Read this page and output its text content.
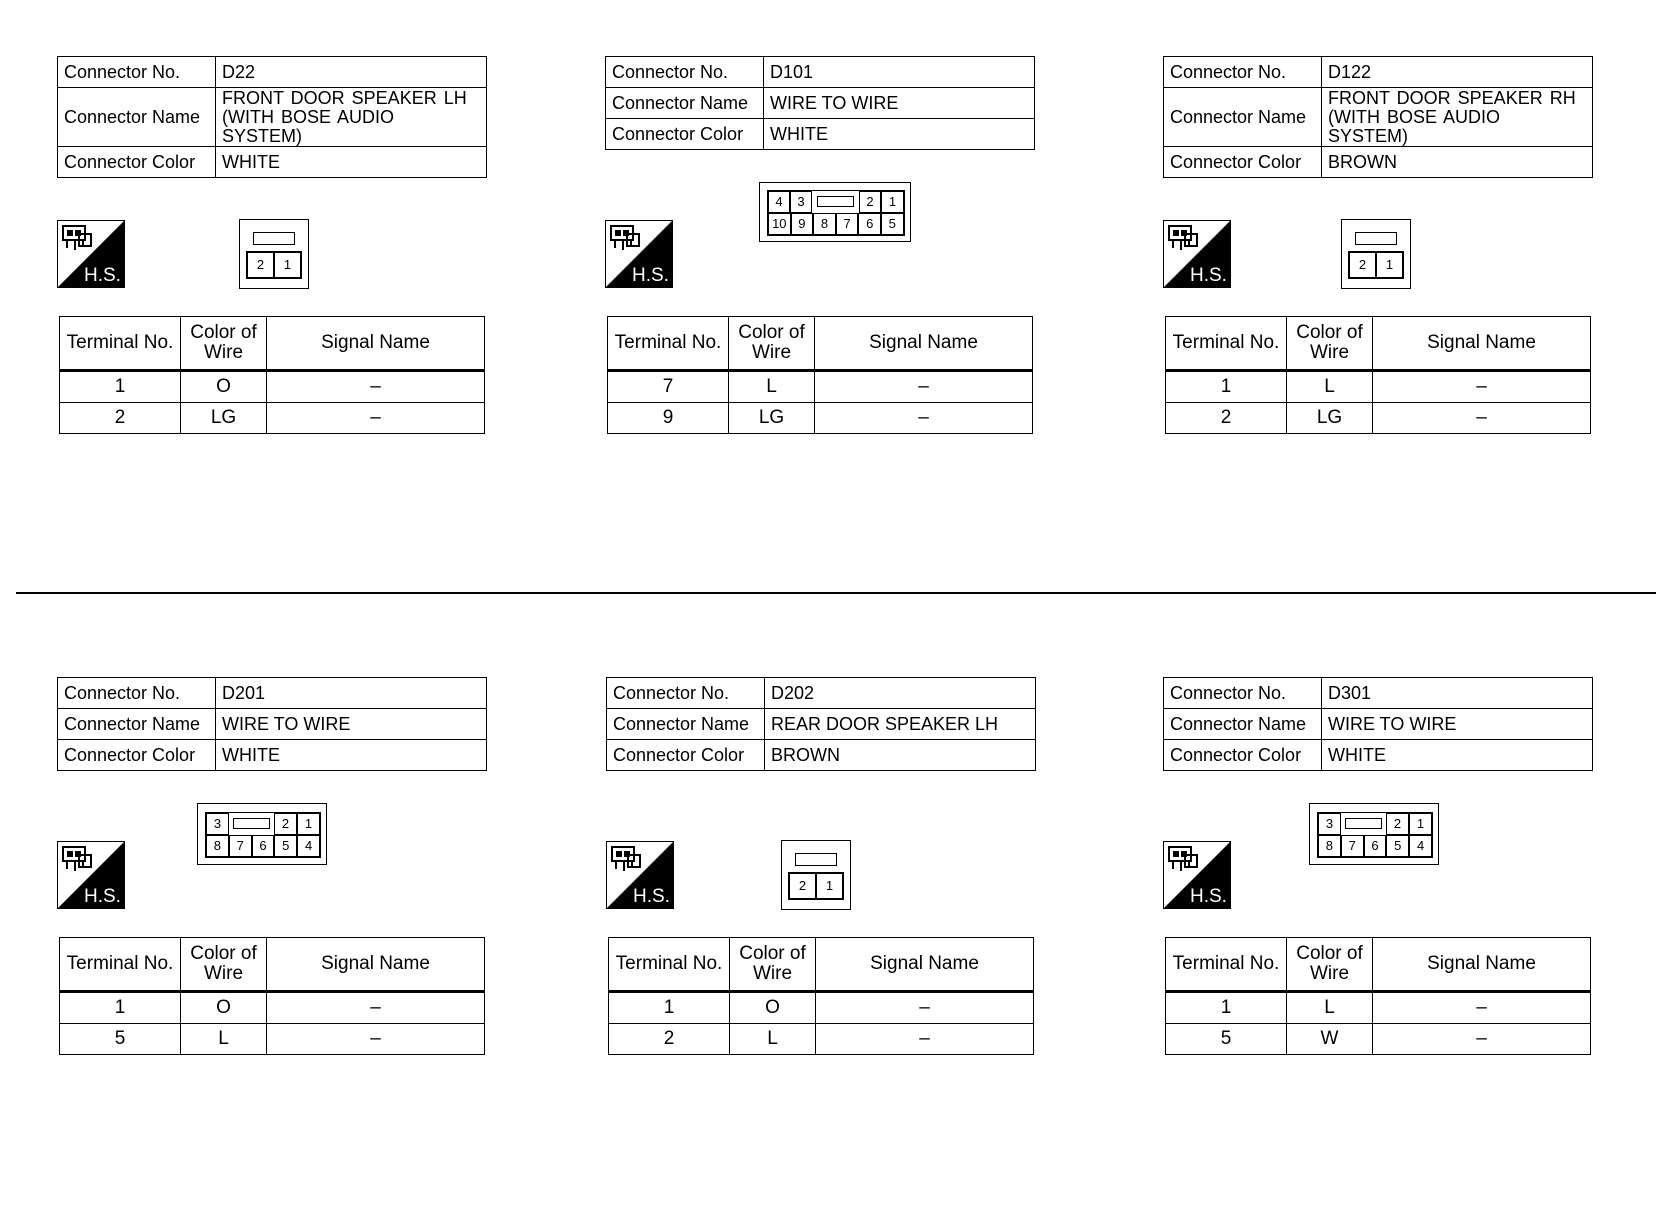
Connector No.	D22
Connector Name	FRONT DOOR SPEAKER LH (WITH BOSE AUDIO SYSTEM)
Connector Color	WHITE
H.S.
2	1
Terminal No.	Color of Wire	Signal Name
1	O	–
2	LG	–
Connector No.	D101
Connector Name	WIRE TO WIRE
Connector Color	WHITE
H.S.
4	3	2	1
10 9	8	7	6	5
Terminal No.	Color of Wire	Signal Name
7	L	–
9	LG	–
Connector No.	D122
Connector Name	FRONT DOOR SPEAKER RH (WITH BOSE AUDIO SYSTEM)
Connector Color	BROWN
H.S.
2	1
Terminal No.	Color of Wire	Signal Name
1	L	–
2	LG	–
Connector No.	D201
Connector Name	WIRE TO WIRE
Connector Color	WHITE
H.S.
3	2	1
8	7	6	5	4
Terminal No.	Color of Wire	Signal Name
1	O	–
5	L	–
Connector No.	D202
Connector Name	REAR DOOR SPEAKER LH
Connector Color	BROWN
H.S.
2	1
Terminal No.	Color of Wire	Signal Name
1	O	–
2	L	–
Connector No.	D301
Connector Name	WIRE TO WIRE
Connector Color	WHITE
H.S.
3	2	1
8	7	6	5	4
Terminal No.	Color of Wire	Signal Name
1	L	–
5	W	–
